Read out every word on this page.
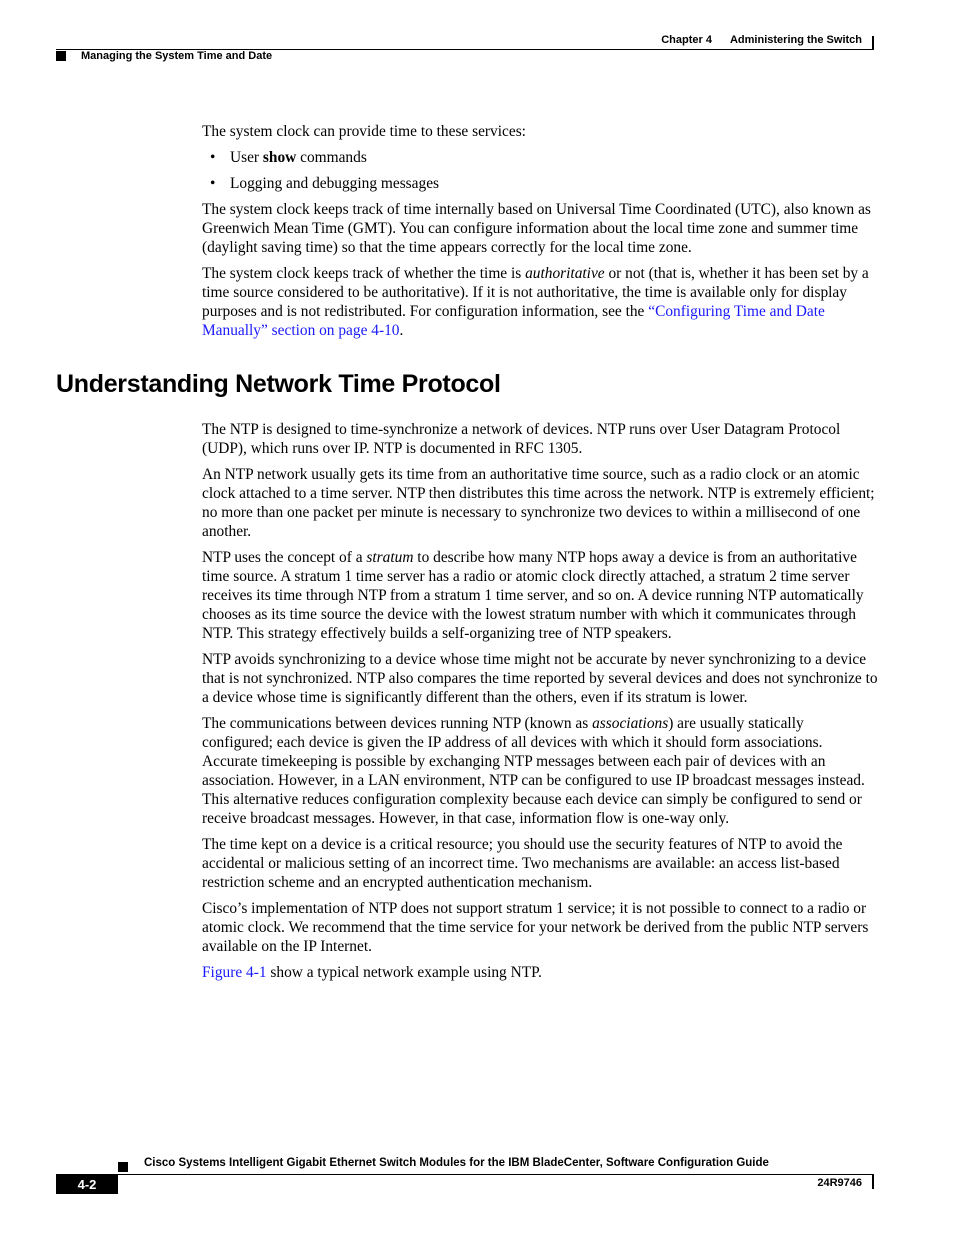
Chapter 4 Administering the Switch
Managing the System Time and Date

The system clock can provide time to these services:

• User show commands
• Logging and debugging messages

The system clock keeps track of time internally based on Universal Time Coordinated (UTC), also known as Greenwich Mean Time (GMT). You can configure information about the local time zone and summer time (daylight saving time) so that the time appears correctly for the local time zone.

The system clock keeps track of whether the time is authoritative or not (that is, whether it has been set by a time source considered to be authoritative). If it is not authoritative, the time is available only for display purposes and is not redistributed. For configuration information, see the “Configuring Time and Date Manually” section on page 4-10.

Understanding Network Time Protocol

The NTP is designed to time-synchronize a network of devices. NTP runs over User Datagram Protocol (UDP), which runs over IP. NTP is documented in RFC 1305.

An NTP network usually gets its time from an authoritative time source, such as a radio clock or an atomic clock attached to a time server. NTP then distributes this time across the network. NTP is extremely efficient; no more than one packet per minute is necessary to synchronize two devices to within a millisecond of one another.

NTP uses the concept of a stratum to describe how many NTP hops away a device is from an authoritative time source. A stratum 1 time server has a radio or atomic clock directly attached, a stratum 2 time server receives its time through NTP from a stratum 1 time server, and so on. A device running NTP automatically chooses as its time source the device with the lowest stratum number with which it communicates through NTP. This strategy effectively builds a self-organizing tree of NTP speakers.

NTP avoids synchronizing to a device whose time might not be accurate by never synchronizing to a device that is not synchronized. NTP also compares the time reported by several devices and does not synchronize to a device whose time is significantly different than the others, even if its stratum is lower.

The communications between devices running NTP (known as associations) are usually statically configured; each device is given the IP address of all devices with which it should form associations. Accurate timekeeping is possible by exchanging NTP messages between each pair of devices with an association. However, in a LAN environment, NTP can be configured to use IP broadcast messages instead. This alternative reduces configuration complexity because each device can simply be configured to send or receive broadcast messages. However, in that case, information flow is one-way only.

The time kept on a device is a critical resource; you should use the security features of NTP to avoid the accidental or malicious setting of an incorrect time. Two mechanisms are available: an access list-based restriction scheme and an encrypted authentication mechanism.

Cisco’s implementation of NTP does not support stratum 1 service; it is not possible to connect to a radio or atomic clock. We recommend that the time service for your network be derived from the public NTP servers available on the IP Internet.

Figure 4-1 show a typical network example using NTP.

Cisco Systems Intelligent Gigabit Ethernet Switch Modules for the IBM BladeCenter, Software Configuration Guide
4-2	24R9746
